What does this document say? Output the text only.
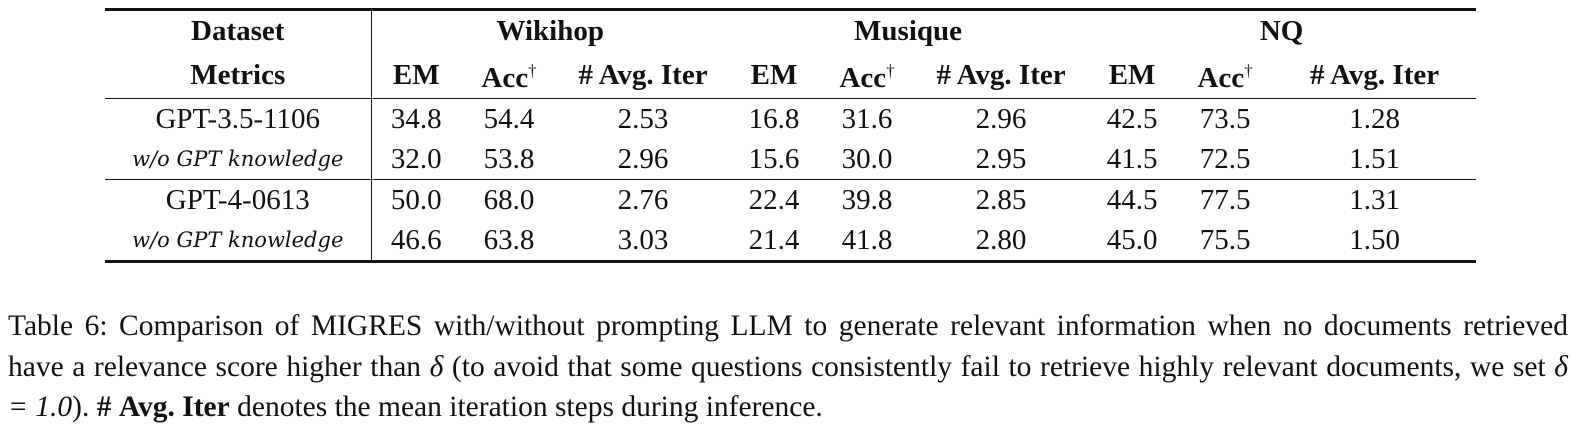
Dataset	Wikihop			Musique			NQ		
Metrics	EM	Acc†	# Avg. Iter	EM	Acc†	# Avg. Iter	EM	Acc†	# Avg. Iter
GPT-3.5-1106	34.8	54.4	2.53	16.8	31.6	2.96	42.5	73.5	1.28
w/o GPT knowledge	32.0	53.8	2.96	15.6	30.0	2.95	41.5	72.5	1.51
GPT-4-0613	50.0	68.0	2.76	22.4	39.8	2.85	44.5	77.5	1.31
w/o GPT knowledge	46.6	63.8	3.03	21.4	41.8	2.80	45.0	75.5	1.50

Table 6: Comparison of MIGRES with/without prompting LLM to generate relevant information when no documents retrieved have a relevance score higher than δ (to avoid that some questions consistently fail to retrieve highly relevant documents, we set δ = 1.0). # Avg. Iter denotes the mean iteration steps during inference.
